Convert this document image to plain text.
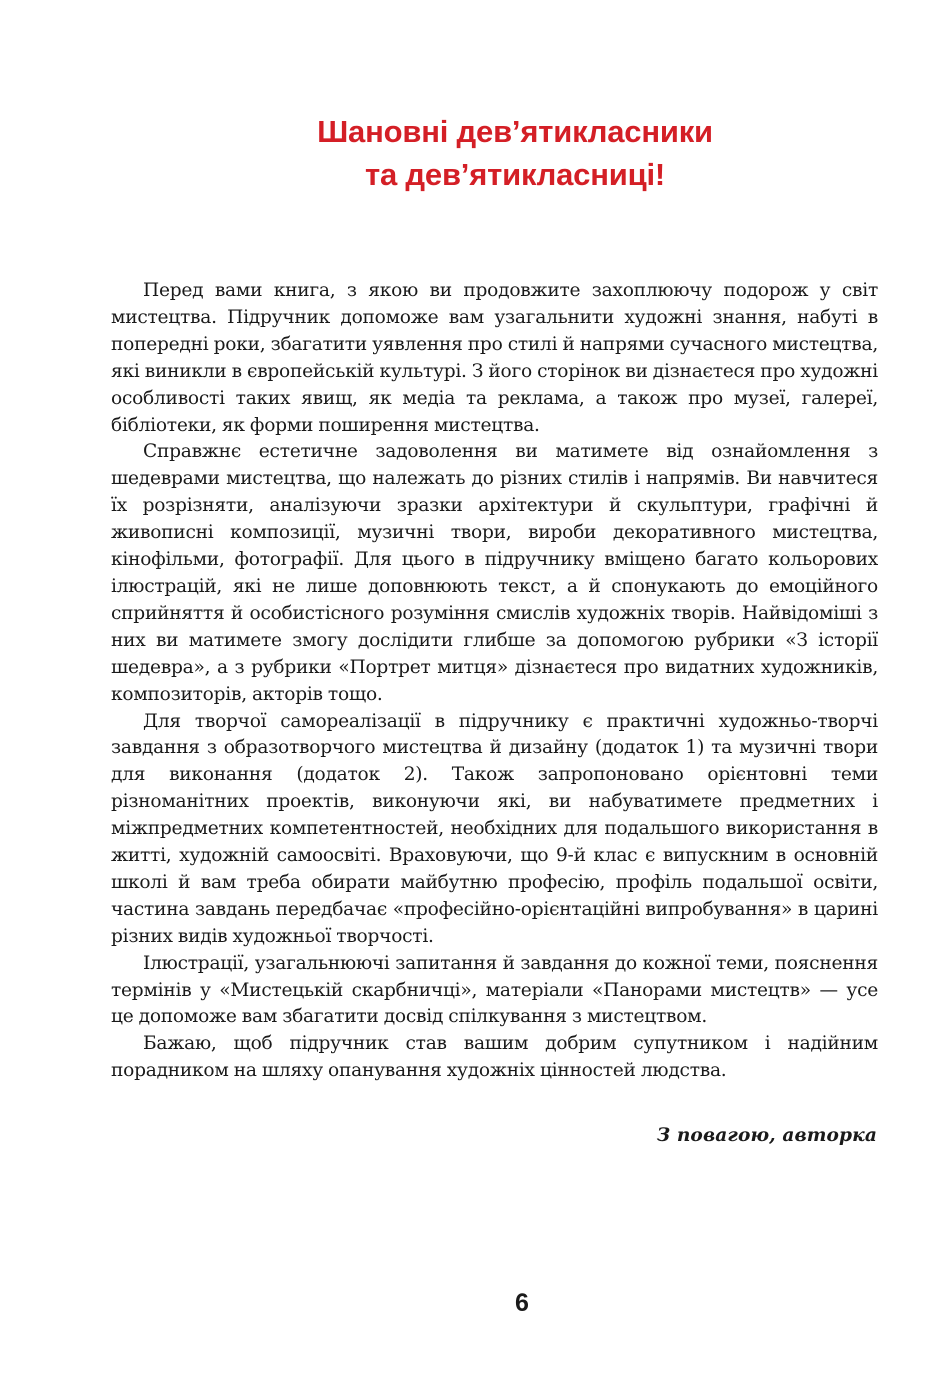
Шановні дев’ятикласники
та дев’ятикласниці!

Перед вами книга, з якою ви продовжите захоплюючу подорож у світ мистецтва. Підручник допоможе вам узагальнити художні знання, набуті в попередні роки, збагатити уявлення про стилі й напрями сучасного мистецтва, які виникли в європейській культурі. З його сторінок ви дізнаєтеся про художні особливості таких явищ, як медіа та реклама, а також про музеї, галереї, бібліотеки, як форми поширення мистецтва.

Справжнє естетичне задоволення ви матимете від ознайомлення з шедеврами мистецтва, що належать до різних стилів і напрямів. Ви навчитеся їх розрізняти, аналізуючи зразки архітектури й скульптури, графічні й живописні композиції, музичні твори, вироби декоративного мистецтва, кінофільми, фотографії. Для цього в підручнику вміщено багато кольорових ілюстрацій, які не лише доповнюють текст, а й спонукають до емоційного сприйняття й особистісного розуміння смислів художніх творів. Найвідоміші з них ви матимете змогу дослідити глибше за допомогою рубрики «З історії шедевра», а з рубрики «Портрет митця» дізнаєтеся про видатних художників, композиторів, акторів тощо.

Для творчої самореалізації в підручнику є практичні художньо-творчі завдання з образотворчого мистецтва й дизайну (додаток 1) та музичні твори для виконання (додаток 2). Також запропоновано орієнтовні теми різноманітних проектів, виконуючи які, ви набуватимете предметних і міжпредметних компетентностей, необхідних для подальшого використання в житті, художній самоосвіті. Враховуючи, що 9-й клас є випускним в основній школі й вам треба обирати майбутню професію, профіль подальшої освіти, частина завдань передбачає «професійно-орієнтаційні випробування» в царині різних видів художньої творчості.

Ілюстрації, узагальнюючі запитання й завдання до кожної теми, пояснення термінів у «Мистецькій скарбничці», матеріали «Панорами мистецтв» — усе це допоможе вам збагатити досвід спілкування з мистецтвом.

Бажаю, щоб підручник став вашим добрим супутником і надійним порадником на шляху опанування художніх цінностей людства.

З повагою, авторка
6
